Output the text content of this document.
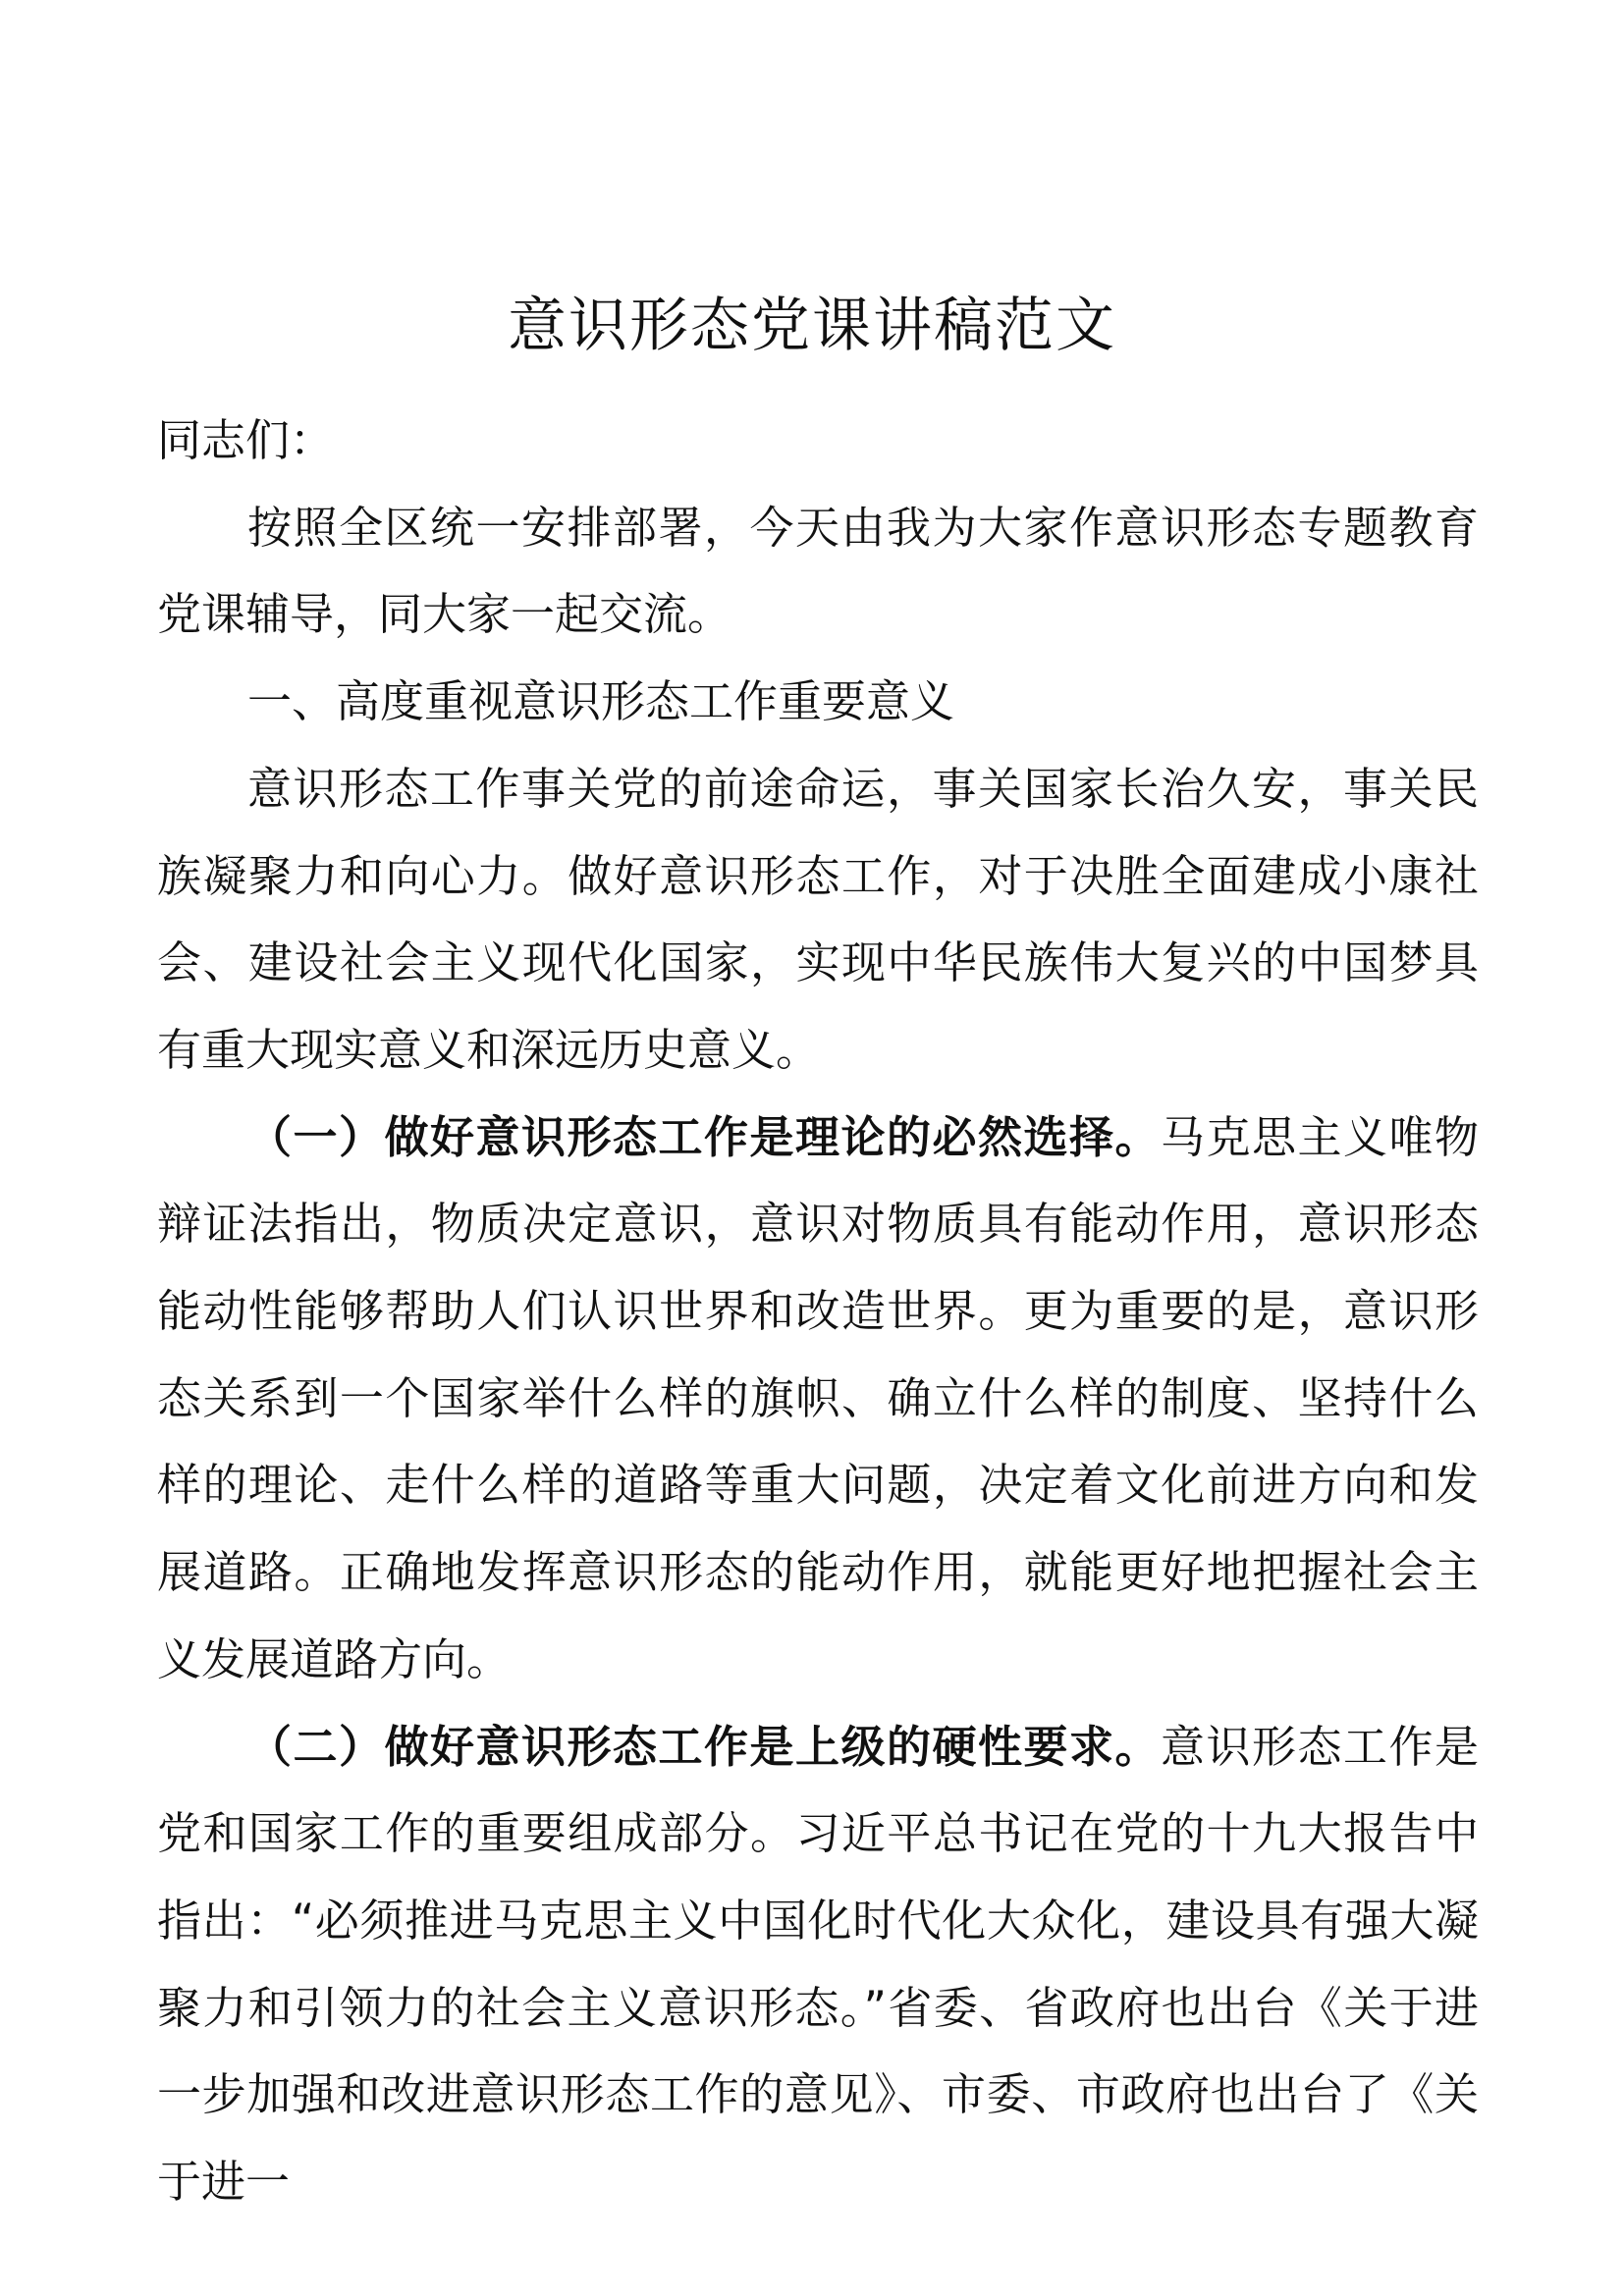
意识形态党课讲稿范文

同志们：

按照全区统一安排部署，今天由我为大家作意识形态专题教育党课辅导，同大家一起交流。

一、高度重视意识形态工作重要意义

意识形态工作事关党的前途命运，事关国家长治久安，事关民族凝聚力和向心力。做好意识形态工作，对于决胜全面建成小康社会、建设社会主义现代化国家，实现中华民族伟大复兴的中国梦具有重大现实意义和深远历史意义。

（一）做好意识形态工作是理论的必然选择。马克思主义唯物辩证法指出，物质决定意识，意识对物质具有能动作用，意识形态能动性能够帮助人们认识世界和改造世界。更为重要的是，意识形态关系到一个国家举什么样的旗帜、确立什么样的制度、坚持什么样的理论、走什么样的道路等重大问题，决定着文化前进方向和发展道路。正确地发挥意识形态的能动作用，就能更好地把握社会主义发展道路方向。

（二）做好意识形态工作是上级的硬性要求。意识形态工作是党和国家工作的重要组成部分。习近平总书记在党的十九大报告中指出：“必须推进马克思主义中国化时代化大众化，建设具有强大凝聚力和引领力的社会主义意识形态。”省委、省政府也出台《关于进一步加强和改进意识形态工作的意见》、市委、市政府也出台了《关于进一
